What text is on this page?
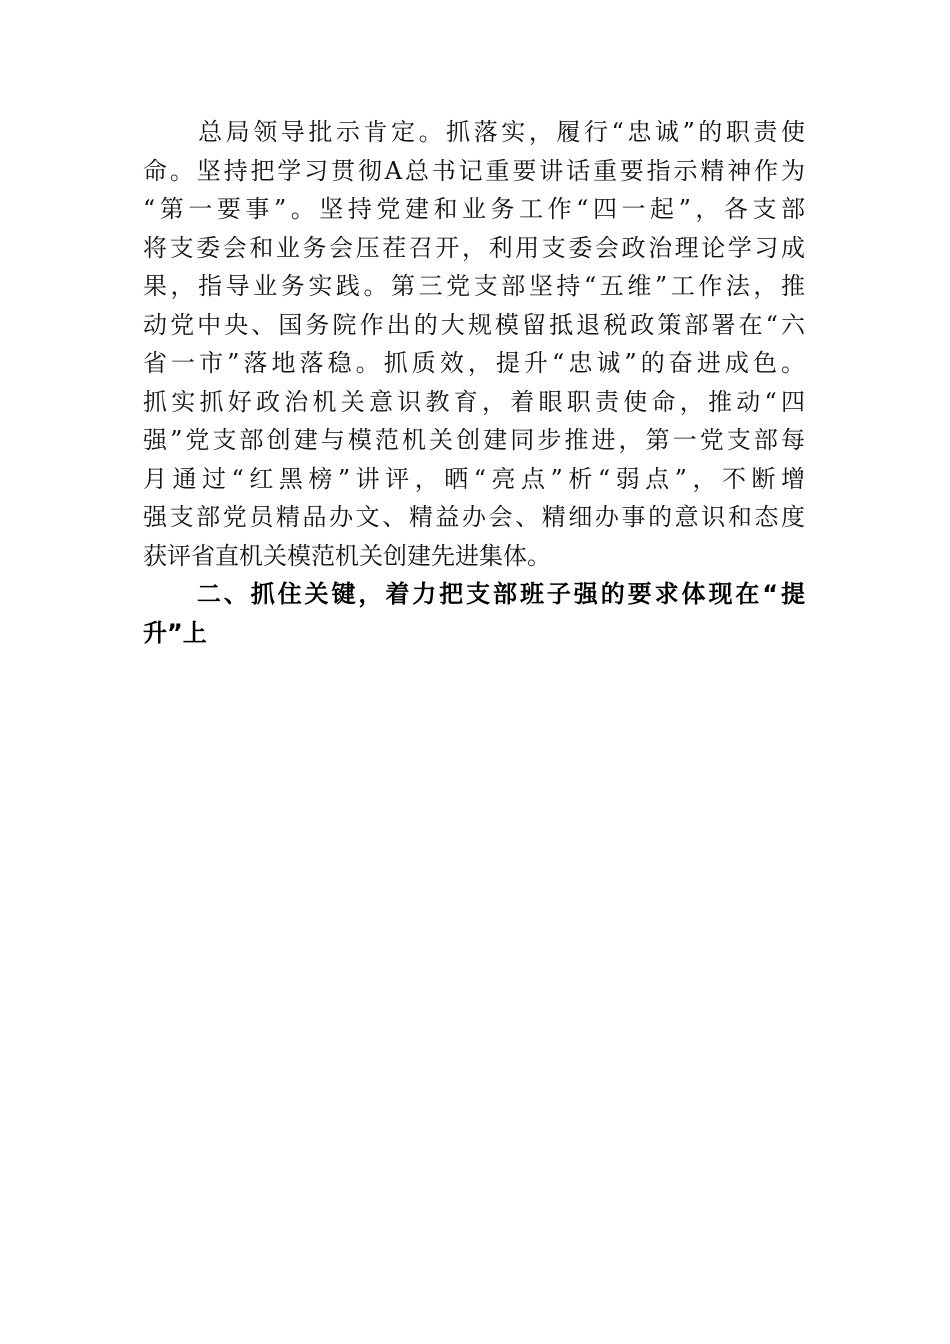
　　总局领导批示肯定。抓落实，履行“忠诚”的职责使
命。坚持把学习贯彻A总书记重要讲话重要指示精神作为
“第一要事”。坚持党建和业务工作“四一起”，各支部
将支委会和业务会压茬召开，利用支委会政治理论学习成
果，指导业务实践。第三党支部坚持“五维”工作法，推
动党中央、国务院作出的大规模留抵退税政策部署在“六
省一市”落地落稳。抓质效，提升“忠诚”的奋进成色。
抓实抓好政治机关意识教育，着眼职责使命，推动“四
强”党支部创建与模范机关创建同步推进，第一党支部每
月通过“红黑榜”讲评，晒“亮点”析“弱点”，不断增
强支部党员精品办文、精益办会、精细办事的意识和态度
获评省直机关模范机关创建先进集体。
　　二、抓住关键，着力把支部班子强的要求体现在“提
升”上
